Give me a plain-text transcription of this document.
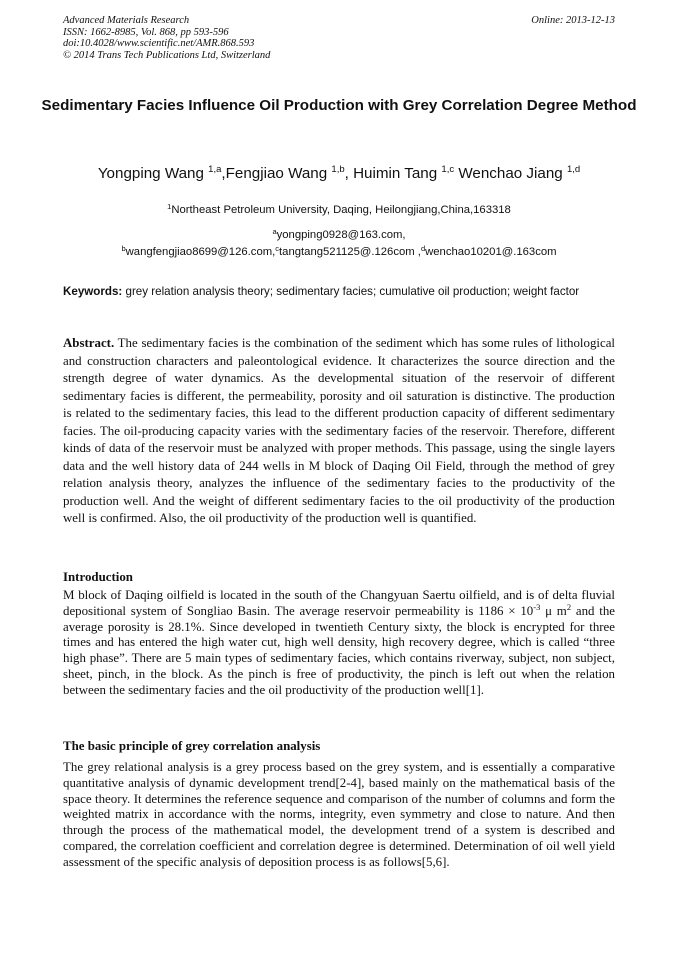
Advanced Materials Research
ISSN: 1662-8985, Vol. 868, pp 593-596
doi:10.4028/www.scientific.net/AMR.868.593
© 2014 Trans Tech Publications Ltd, Switzerland
Online: 2013-12-13
Sedimentary Facies Influence Oil Production with Grey Correlation Degree Method
Yongping Wang $^{1,a}$,Fengjiao Wang $^{1,b}$, Huimin Tang $^{1,c}$ Wenchao Jiang $^{1,d}$
$^1$Northeast Petroleum University, Daqing, Heilongjiang,China,163318
$^a$yongping0928@163.com,
$^b$wangfengjiao8699@126.com,$^c$tangtang521125@.126com ,$^d$wenchao10201@.163com
Keywords: grey relation analysis theory; sedimentary facies; cumulative oil production; weight factor

Abstract. The sedimentary facies is the combination of the sediment which has some rules of lithological and construction characters and paleontological evidence. It characterizes the source direction and the strength degree of water dynamics. As the developmental situation of the reservoir of different sedimentary facies is different, the permeability, porosity and oil saturation is distinctive. The production is related to the sedimentary facies, this lead to the different production capacity of different sedimentary facies. The oil-producing capacity varies with the sedimentary facies of the reservoir. Therefore, different kinds of data of the reservoir must be analyzed with proper methods. This passage, using the single layers data and the well history data of 244 wells in M block of Daqing Oil Field, through the method of grey relation analysis theory, analyzes the influence of the sedimentary facies to the productivity of the production well. And the weight of different sedimentary facies to the oil productivity of the production well is confirmed. Also, the oil productivity of the production well is quantified.

Introduction

M block of Daqing oilfield is located in the south of the Changyuan Saertu oilfield, and is of delta fluvial depositional system of Songliao Basin. The average reservoir permeability is $1186 \times 10^{-3}$ μ $m^2$ and the average porosity is 28.1%. Since developed in twentieth Century sixty, the block is encrypted for three times and has entered the high water cut, high well density, high recovery degree, which is called “three high phase”. There are 5 main types of sedimentary facies, which contains riverway, subject, non subject, sheet, pinch, in the block. As the pinch is free of productivity, the pinch is left out when the relation between the sedimentary facies and the oil productivity of the production well[1].

The basic principle of grey correlation analysis

The grey relational analysis is a grey process based on the grey system, and is essentially a comparative quantitative analysis of dynamic development trend[2-4], based mainly on the mathematical basis of the space theory. It determines the reference sequence and comparison of the number of columns and form the weighted matrix in accordance with the norms, integrity, even symmetry and close to nature. And then through the process of the mathematical model, the development trend of a system is described and compared, the correlation coefficient and correlation degree is determined. Determination of oil well yield assessment of the specific analysis of deposition process is as follows[5,6].
